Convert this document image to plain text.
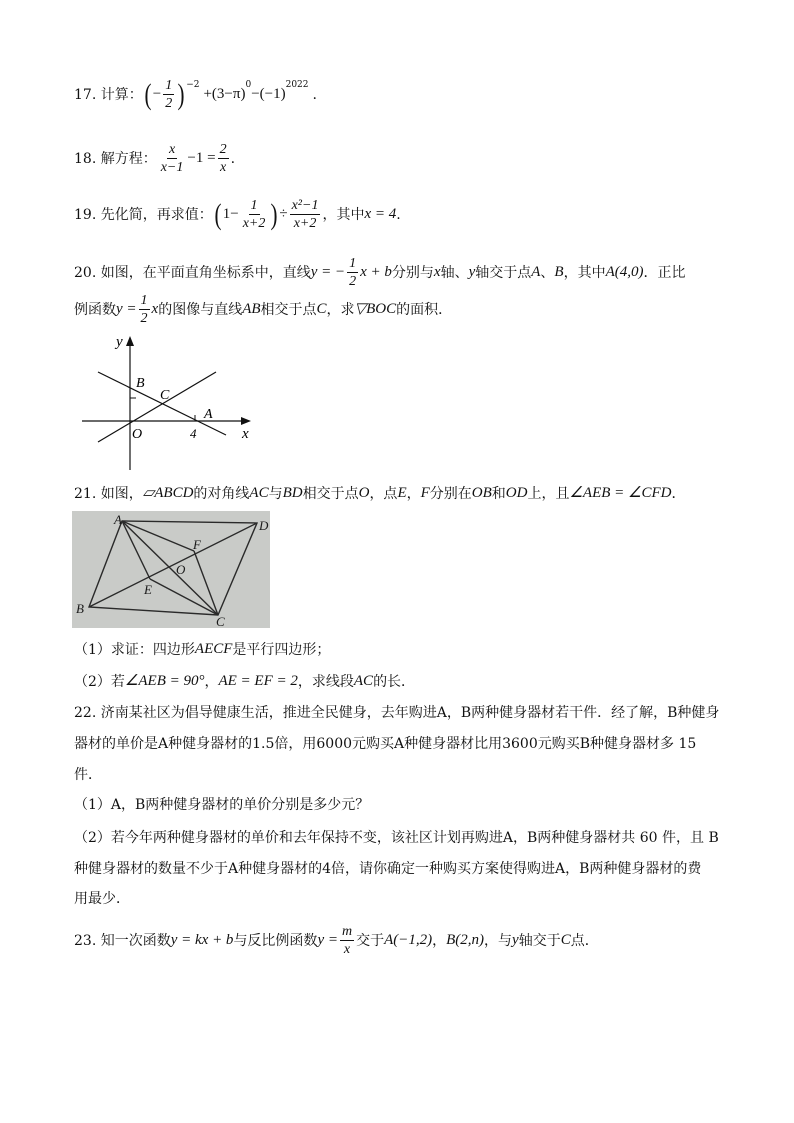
17. 计算： ( − $\frac{1}{2}$ ) −2
+(3−π)
0
−(−1)
2022
.
18. 解方程： $\frac{x}{x-1} -1 = \frac{2}{x}$ .
19. 先化简，再求值： ( $1- \frac{1}{x+2}$ ) ÷ $\frac{\text{x²−1}}{x+2}$ ，其中 x = 4 .
20. 如图，在平面直角坐标系中，直线 y = − $\frac{1}{2}$ x + b 分别与 x 轴、 y 轴交于点 A 、 B ，其中 A(4,0) ．正比
例函数 $y = \frac{1}{2}$ x 的图像与直线 AB 相交于点 C ，求 ▽BOC 的面积．
y
x
B
C
A
O	4
21. 如图， ▱ABCD 的对角线 AC 与 BD 相交于点 O ，点 E ， F 分别在 OB 和 OD 上，且 ∠AEB = ∠CFD ．
A	D
B
C
F
O
E
（1）求证：四边形 AECF 是平行四边形；
（2）若 ∠AEB = 90° ， AE = EF = 2 ，求线段 AC 的长．
22. 济南某社区为倡导健康生活，推进全民健身，去年购进A，B两种健身器材若干件．经了解，B种健身
器材的单价是A种健身器材的1.5倍，用6000元购买A种健身器材比用3600元购买B种健身器材多 15
件．
（1）A，B两种健身器材的单价分别是多少元？
（2）若今年两种健身器材的单价和去年保持不变，该社区计划再购进A，B两种健身器材共 60 件，且 B
种健身器材的数量不少于A种健身器材的4倍，请你确定一种购买方案使得购进A，B两种健身器材的费
用最少．
23. 知一次函数 y = kx + b 与反比例函数 $y = \frac{m}{x}$ 交于 A(−1,2) ， B(2,n) ，与 y 轴交于 C 点．
